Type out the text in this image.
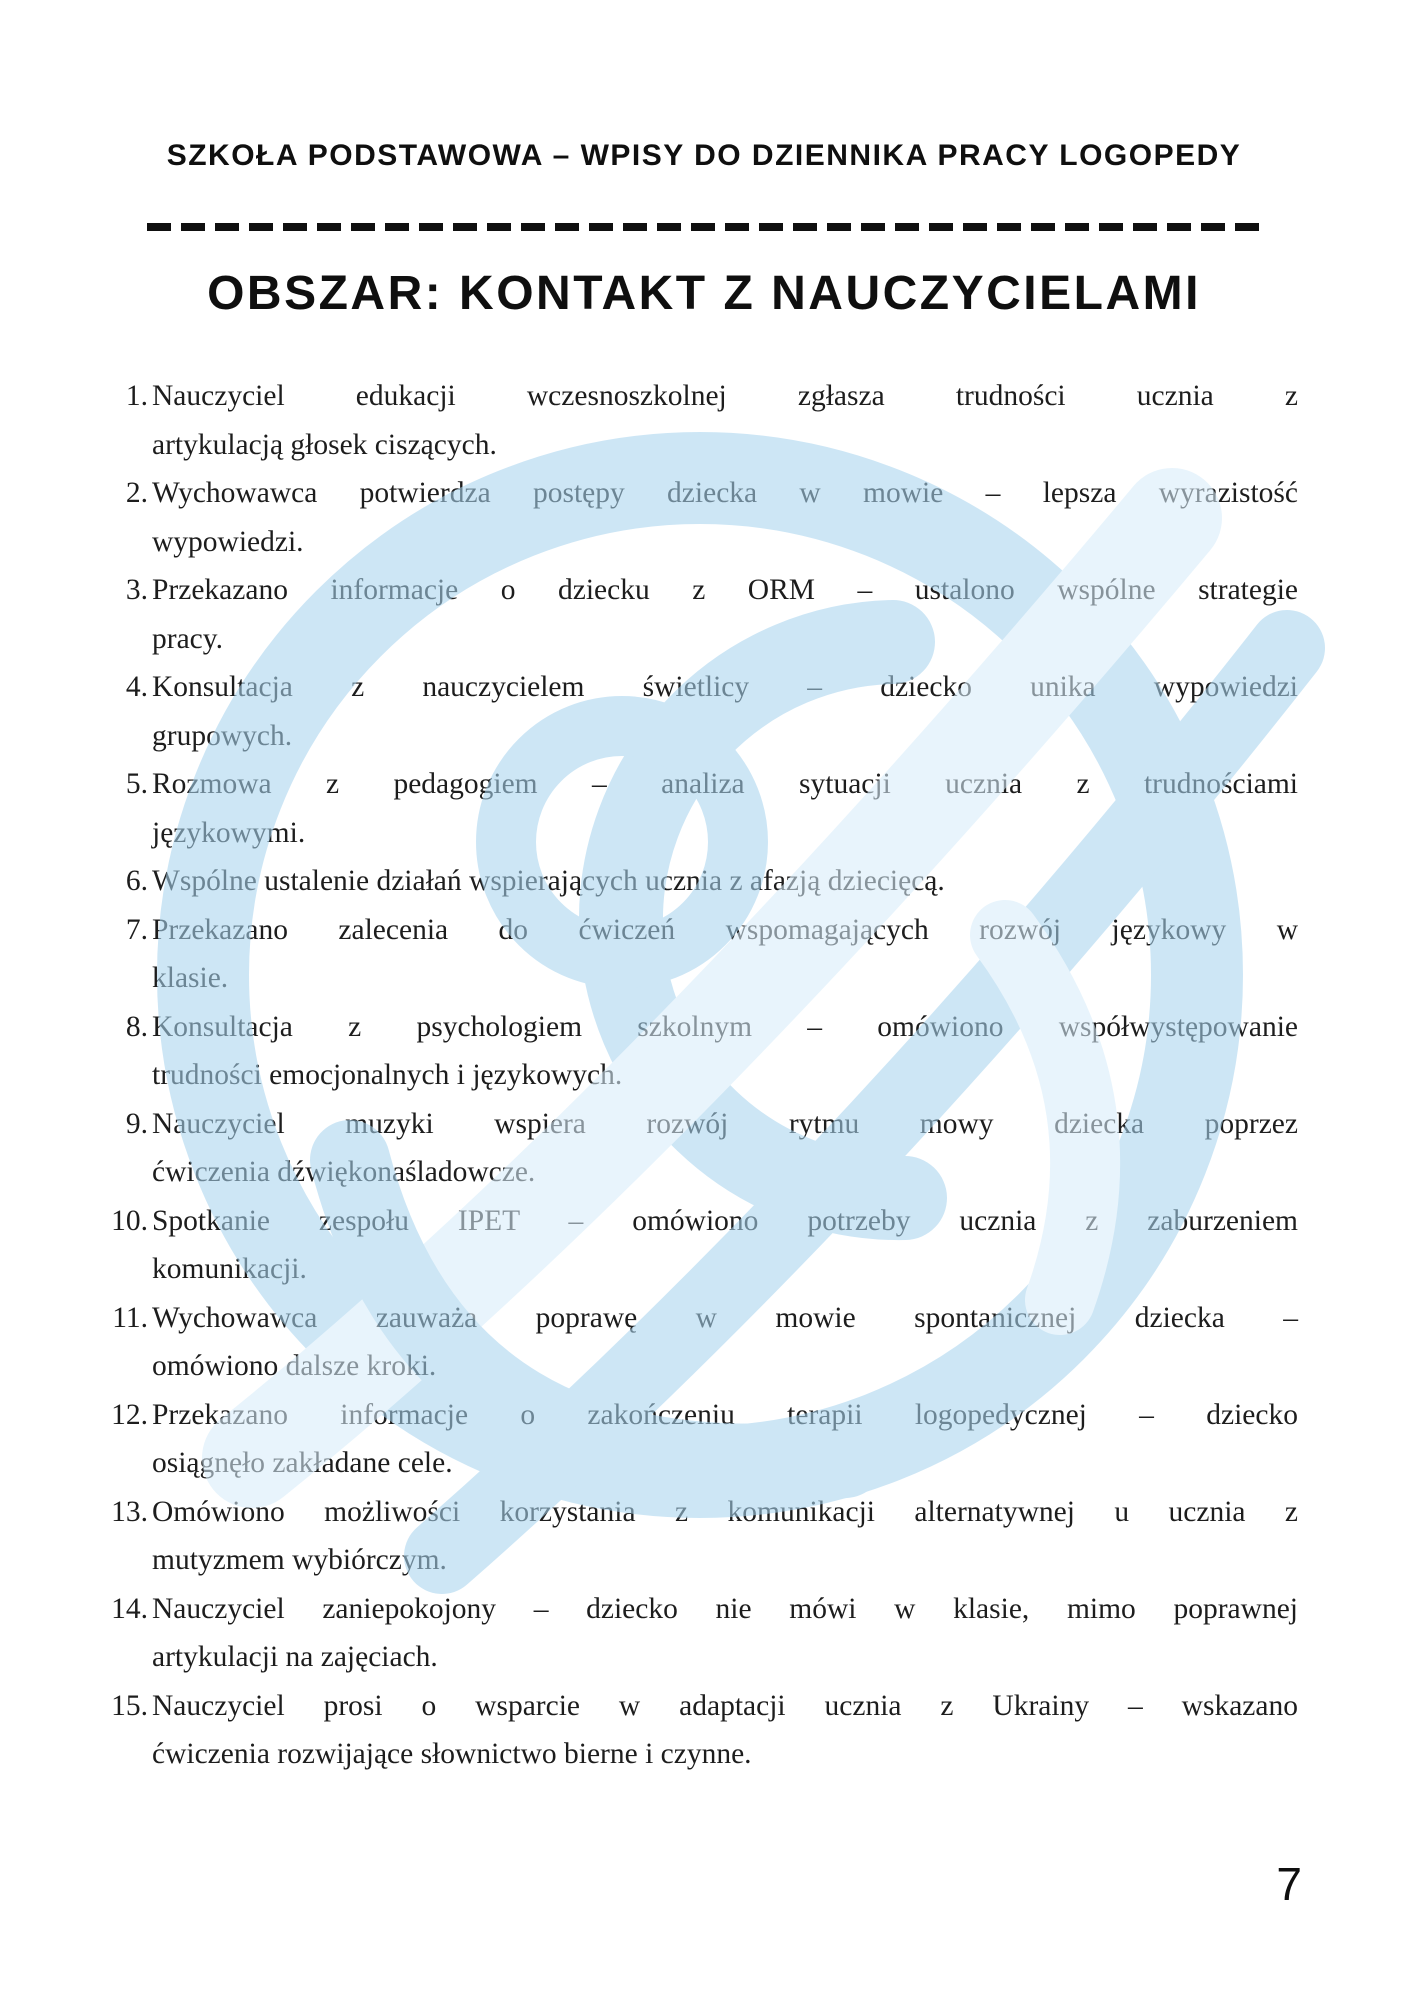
SZKOŁA PODSTAWOWA – WPISY DO DZIENNIKA PRACY LOGOPEDY
OBSZAR: KONTAKT Z NAUCZYCIELAMI
1. Nauczyciel edukacji wczesnoszkolnej zgłasza trudności ucznia z
artykulacją głosek ciszących.
2. Wychowawca potwierdza postępy dziecka w mowie – lepsza wyrazistość
wypowiedzi.
3. Przekazano informacje o dziecku z ORM – ustalono wspólne strategie
pracy.
4. Konsultacja z nauczycielem świetlicy – dziecko unika wypowiedzi
grupowych.
5. Rozmowa z pedagogiem – analiza sytuacji ucznia z trudnościami
językowymi.
6. Wspólne ustalenie działań wspierających ucznia z afazją dziecięcą.
7. Przekazano zalecenia do ćwiczeń wspomagających rozwój językowy w
klasie.
8. Konsultacja z psychologiem szkolnym – omówiono współwystępowanie
trudności emocjonalnych i językowych.
9. Nauczyciel muzyki wspiera rozwój rytmu mowy dziecka poprzez
ćwiczenia dźwiękonaśladowcze.
10. Spotkanie zespołu IPET – omówiono potrzeby ucznia z zaburzeniem
komunikacji.
11. Wychowawca zauważa poprawę w mowie spontanicznej dziecka –
omówiono dalsze kroki.
12. Przekazano informacje o zakończeniu terapii logopedycznej – dziecko
osiągnęło zakładane cele.
13. Omówiono możliwości korzystania z komunikacji alternatywnej u ucznia z
mutyzmem wybiórczym.
14. Nauczyciel zaniepokojony – dziecko nie mówi w klasie, mimo poprawnej
artykulacji na zajęciach.
15. Nauczyciel prosi o wsparcie w adaptacji ucznia z Ukrainy – wskazano
ćwiczenia rozwijające słownictwo bierne i czynne.
7
